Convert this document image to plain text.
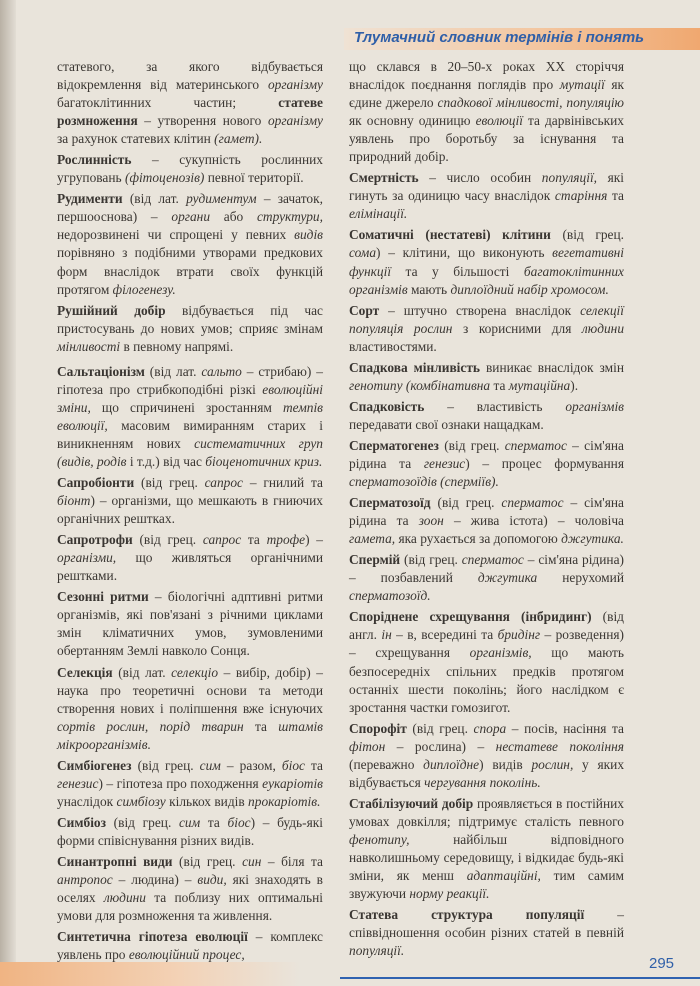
Тлумачний словник термінів і понять
статевого, за якого відбувається відокремлення від материнського організму багатоклітинних частин; статеве розмноження – утворення нового організму за рахунок статевих клітин (гамет).
Рослинність – сукупність рослинних угруповань (фітоценозів) певної території.
Рудименти (від лат. рудиментум – зачаток, першооснова) – органи або структури, недорозвинені чи спрощені у певних видів порівняно з подібними утворами предкових форм внаслідок втрати своїх функцій протягом філогенезу.
Рушійний добір відбувається під час пристосувань до нових умов; сприяє змінам мінливості в певному напрямі.
Сальтаціонізм (від лат. сальто – стрибаю) – гіпотеза про стрибкоподібні різкі еволюційні зміни, що спричинені зростанням темпів еволюції, масовим вимиранням старих і виникненням нових систематичних груп (видів, родів і т.д.) від час біоценотичних криз.
Сапробіонти (від грец. сапрос – гнилий та біонт) – організми, що мешкають в гниючих органічних рештках.
Сапротрофи (від грец. сапрос та трофе) – організми, що живляться органічними рештками.
Сезонні ритми – біологічні адптивні ритми організмів, які пов'язані з річними циклами змін кліматичних умов, зумовленими обертанням Землі навколо Сонця.
Селекція (від лат. селекціо – вибір, добір) – наука про теоретичні основи та методи створення нових і поліпшення вже існуючих сортів рослин, порід тварин та штамів мікроорганізмів.
Симбіогенез (від грец. сим – разом, біос та генезис) – гіпотеза про походження еукаріотів унаслідок симбіозу кількох видів прокаріотів.
Симбіоз (від грец. сим та біос) – будь-які форми співіснування різних видів.
Синантропні види (від грец. син – біля та антропос – людина) – види, які знаходять в оселях людини та поблизу них оптимальні умови для розмноження та живлення.
Синтетична гіпотеза еволюції – комплекс уявлень про еволюційний процес,
що склався в 20–50-х роках XX сторіччя внаслідок поєднання поглядів про мутації як єдине джерело спадкової мінливості, популяцію як основну одиницю еволюції та дарвінівських уявлень про боротьбу за існування та природний добір.
Смертність – число особин популяції, які гинуть за одиницю часу внаслідок старіння та елімінації.
Соматичні (нестатеві) клітини (від грец. сома) – клітини, що виконують вегетативні функції та у більшості багатоклітинних організмів мають диплоїдний набір хромосом.
Сорт – штучно створена внаслідок селекції популяція рослин з корисними для людини властивостями.
Спадкова мінливість виникає внаслідок змін генотипу (комбінативна та мутаційна).
Спадковість – властивість організмів передавати свої ознаки нащадкам.
Сперматогенез (від грец. сперматос – сім'яна рідина та генезис) – процес формування сперматозоїдів (сперміїв).
Сперматозоїд (від грец. сперматос – сім'яна рідина та зоон – жива істота) – чоловіча гамета, яка рухається за допомогою джгутика.
Спермій (від грец. сперматос – сім'яна рідина) – позбавлений джгутика нерухомий сперматозоїд.
Споріднене схрещування (інбридинг) (від англ. ін – в, всередині та бридінг – розведення) – схрещування організмів, що мають безпосередніх спільних предків протягом останніх шести поколінь; його наслідком є зростання частки гомозигот.
Спорофіт (від грец. спора – посів, насіння та фітон – рослина) – нестатеве покоління (переважно диплоїдне) видів рослин, у яких відбувається чергування поколінь.
Стабілізуючий добір проявляється в постійних умовах довкілля; підтримує сталість певного фенотипу, найбільш відповідного навколишньому середовищу, і відкидає будь-які зміни, як менш адаптаційні, тим самим звужуючи норму реакції.
Статева структура популяції – співвідношення особин різних статей в певній популяції.
295
